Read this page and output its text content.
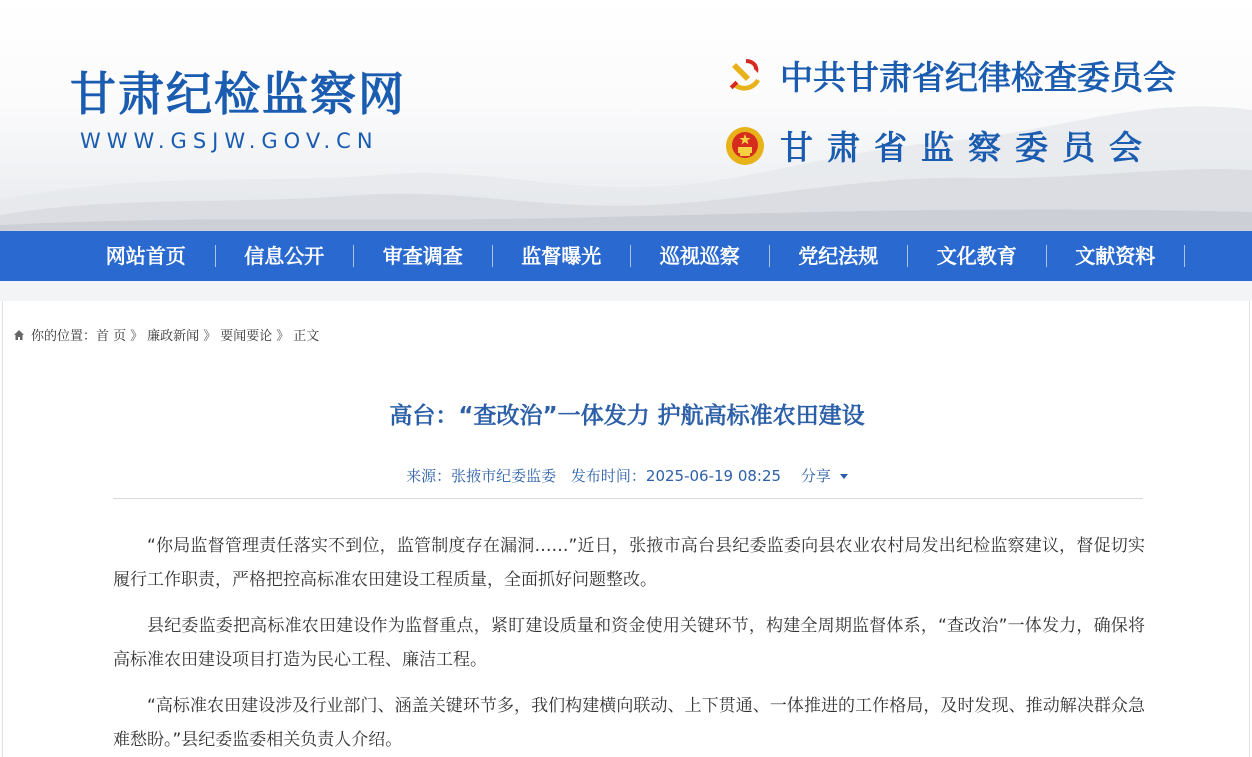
甘肃纪检监察网
WWW.GSJW.GOV.CN
中共甘肃省纪律检查委员会
甘肃省监察委员会
网站首页	信息公开	审查调查	监督曝光	巡视巡察	党纪法规	文化教育	文献资料
你的位置： 首 页 》 廉政新闻 》 要闻要论 》 正文
高台：“查改治”一体发力 护航高标准农田建设
来源：张掖市纪委监委 发布时间：2025-06-19 08:25 分享

“你局监督管理责任落实不到位，监管制度存在漏洞……”近日，张掖市高台县纪委监委向县农业农村局发出纪检监察建议，督促切实履行工作职责，严格把控高标准农田建设工程质量，全面抓好问题整改。

县纪委监委把高标准农田建设作为监督重点，紧盯建设质量和资金使用关键环节，构建全周期监督体系，“查改治”一体发力，确保将高标准农田建设项目打造为民心工程、廉洁工程。

“高标准农田建设涉及行业部门、涵盖关键环节多，我们构建横向联动、上下贯通、一体推进的工作格局，及时发现、推动解决群众急难愁盼。”县纪委监委相关负责人介绍。
